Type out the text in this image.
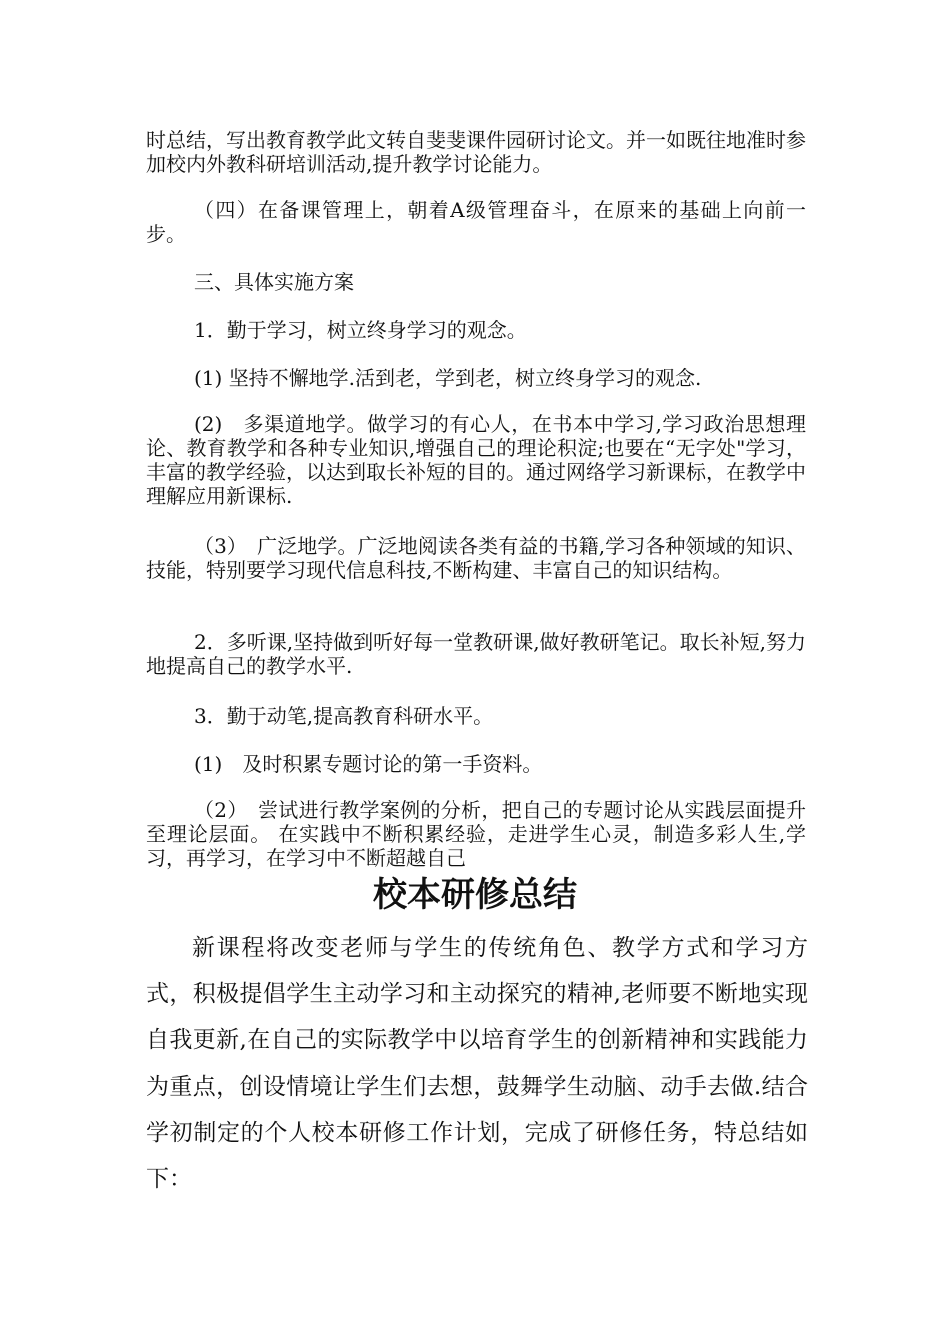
时总结，写出教育教学此文转自斐斐课件园研讨论文。并一如既往地准时参加校内外教科研培训活动,提升教学讨论能力。

（四）在备课管理上，朝着A级管理奋斗，在原来的基础上向前一步。

三、具体实施方案

1．勤于学习，树立终身学习的观念。

(1) 坚持不懈地学.活到老，学到老，树立终身学习的观念.

(2)　多渠道地学。做学习的有心人，在书本中学习,学习政治思想理论、教育教学和各种专业知识,增强自己的理论积淀;也要在“无字处"学习，丰富的教学经验，以达到取长补短的目的。通过网络学习新课标，在教学中理解应用新课标.

（3）　广泛地学。广泛地阅读各类有益的书籍,学习各种领域的知识、技能，特别要学习现代信息科技,不断构建、丰富自己的知识结构。

2．多听课,坚持做到听好每一堂教研课,做好教研笔记。取长补短,努力地提高自己的教学水平.

3．勤于动笔,提高教育科研水平。

(1)　及时积累专题讨论的第一手资料。

（2）　尝试进行教学案例的分析，把自己的专题讨论从实践层面提升至理论层面。 在实践中不断积累经验，走进学生心灵，制造多彩人生,学习，再学习，在学习中不断超越自己

校本研修总结

新课程将改变老师与学生的传统角色、教学方式和学习方式，积极提倡学生主动学习和主动探究的精神,老师要不断地实现自我更新,在自己的实际教学中以培育学生的创新精神和实践能力为重点，创设情境让学生们去想，鼓舞学生动脑、动手去做.结合学初制定的个人校本研修工作计划，完成了研修任务，特总结如下：
